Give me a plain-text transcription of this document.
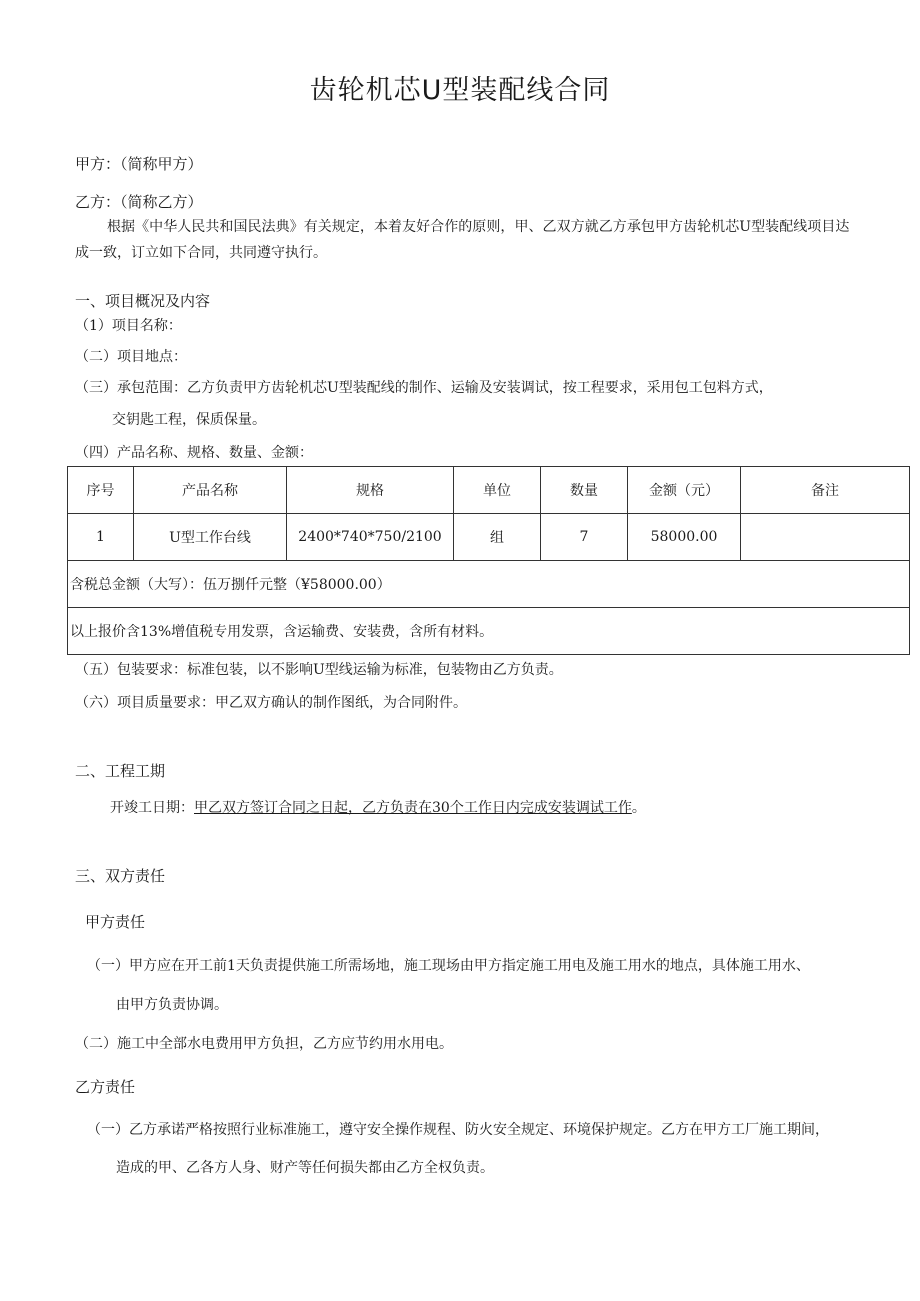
齿轮机芯U型装配线合同
甲方：（简称甲方）
乙方：（简称乙方）
根据《中华人民共和国民法典》有关规定，本着友好合作的原则，甲、乙双方就乙方承包甲方齿轮机芯U型装配线项目达
成一致，订立如下合同，共同遵守执行。
一、项目概况及内容
（1）项目名称：
（二）项目地点：
（三）承包范围：乙方负责甲方齿轮机芯U型装配线的制作、运输及安装调试，按工程要求，采用包工包料方式，
交钥匙工程，保质保量。
（四）产品名称、规格、数量、金额：
序号	产品名称	规格	单位	数量	金额（元）	备注
1	U型工作台线	2400*740*750/2100	组	7	58000.00	
含税总金额（大写）：伍万捌仟元整（¥58000.00）						
以上报价含13%增值税专用发票，含运输费、安装费，含所有材料。						
（五）包装要求：标准包装，以不影响U型线运输为标准，包装物由乙方负责。
（六）项目质量要求：甲乙双方确认的制作图纸，为合同附件。
二、工程工期
开竣工日期：甲乙双方签订合同之日起，乙方负责在30个工作日内完成安装调试工作。
三、双方责任
甲方责任
（一）甲方应在开工前1天负责提供施工所需场地，施工现场由甲方指定施工用电及施工用水的地点，具体施工用水、
由甲方负责协调。
（二）施工中全部水电费用甲方负担，乙方应节约用水用电。
乙方责任
（一）乙方承诺严格按照行业标准施工，遵守安全操作规程、防火安全规定、环境保护规定。乙方在甲方工厂施工期间，
造成的甲、乙各方人身、财产等任何损失都由乙方全权负责。
